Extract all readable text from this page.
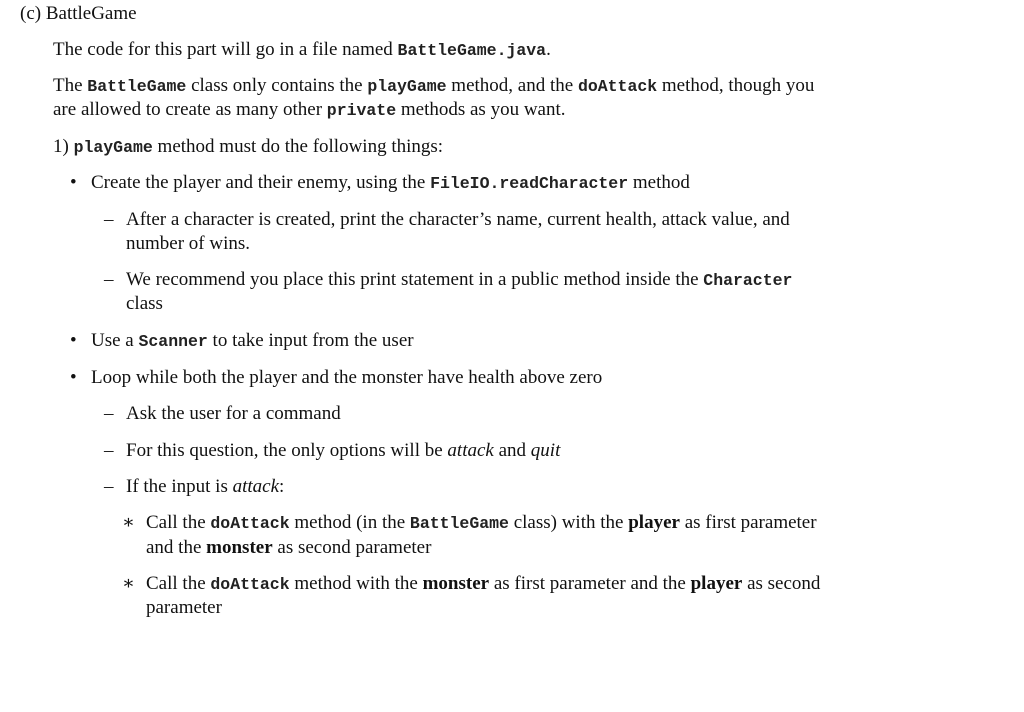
(c) BattleGame
The code for this part will go in a file named BattleGame.java.
The BattleGame class only contains the playGame method, and the doAttack method, though you
are allowed to create as many other private methods as you want.
1) playGame method must do the following things:
• Create the player and their enemy, using the FileIO.readCharacter method
– After a character is created, print the character’s name, current health, attack value, and
number of wins.
– We recommend you place this print statement in a public method inside the Character
class
• Use a Scanner to take input from the user
• Loop while both the player and the monster have health above zero
– Ask the user for a command
– For this question, the only options will be attack and quit
– If the input is attack:
∗ Call the doAttack method (in the BattleGame class) with the player as first parameter
and the monster as second parameter
∗ Call the doAttack method with the monster as first parameter and the player as second
parameter
